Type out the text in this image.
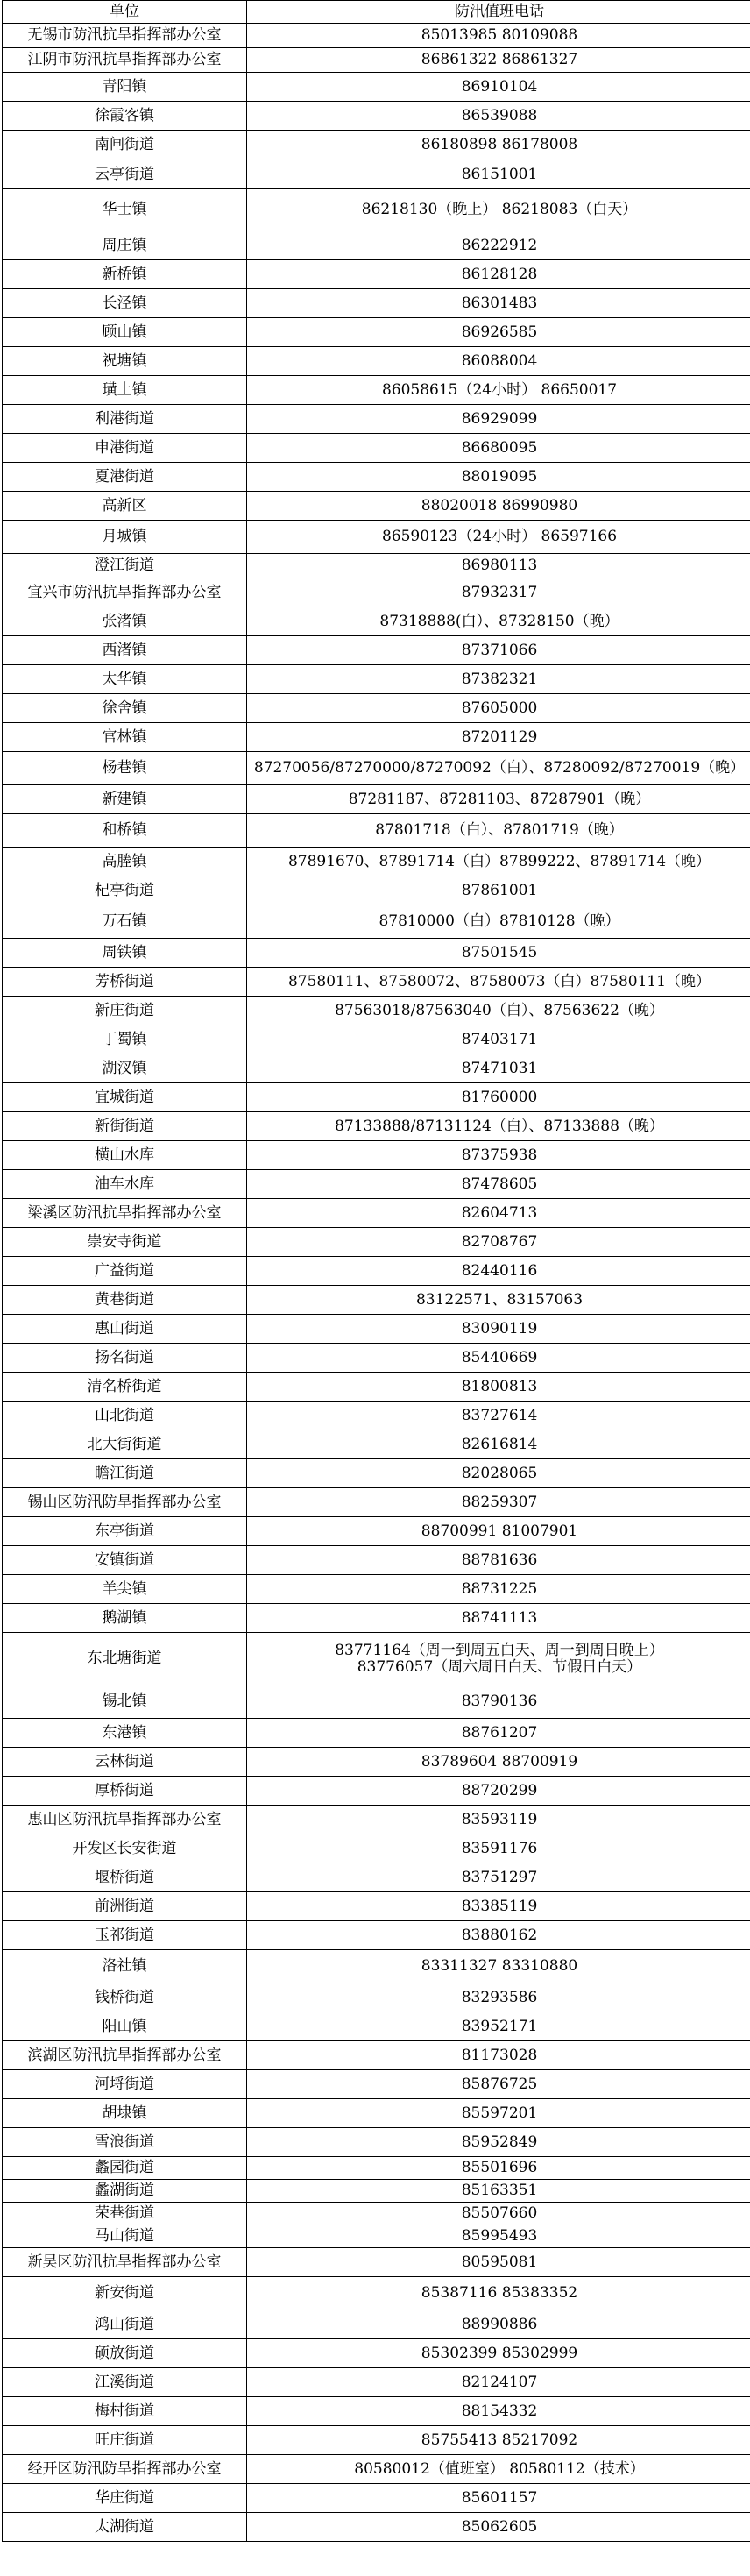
单位	防汛值班电话
无锡市防汛抗旱指挥部办公室	85013985 80109088
江阴市防汛抗旱指挥部办公室	86861322 86861327
青阳镇	86910104
徐霞客镇	86539088
南闸街道	86180898 86178008
云亭街道	86151001
华士镇	86218130（晚上） 86218083（白天）
周庄镇	86222912
新桥镇	86128128
长泾镇	86301483
顾山镇	86926585
祝塘镇	86088004
璜土镇	86058615（24小时） 86650017
利港街道	86929099
申港街道	86680095
夏港街道	88019095
高新区	88020018 86990980
月城镇	86590123（24小时） 86597166
澄江街道	86980113
宜兴市防汛抗旱指挥部办公室	87932317
张渚镇	87318888(白）、87328150（晚）
西渚镇	87371066
太华镇	87382321
徐舍镇	87605000
官林镇	87201129
杨巷镇	87270056/87270000/87270092（白）、87280092/87270019（晚）
新建镇	87281187、87281103、87287901（晚）
和桥镇	87801718（白）、87801719（晚）
高塍镇	87891670、87891714（白）87899222、87891714（晚）
杞亭街道	87861001
万石镇	87810000（白）87810128（晚）
周铁镇	87501545
芳桥街道	87580111、87580072、87580073（白）87580111（晚）
新庄街道	87563018/87563040（白）、87563622（晚）
丁蜀镇	87403171
湖汊镇	87471031
宜城街道	81760000
新街街道	87133888/87131124（白）、87133888（晚）
横山水库	87375938
油车水库	87478605
梁溪区防汛抗旱指挥部办公室	82604713
崇安寺街道	82708767
广益街道	82440116
黄巷街道	83122571、83157063
惠山街道	83090119
扬名街道	85440669
清名桥街道	81800813
山北街道	83727614
北大街街道	82616814
瞻江街道	82028065
锡山区防汛防旱指挥部办公室	88259307
东亭街道	88700991 81007901
安镇街道	88781636
羊尖镇	88731225
鹅湖镇	88741113
东北塘街道	83771164（周一到周五白天、周一到周日晚上）
83776057（周六周日白天、节假日白天）
锡北镇	83790136
东港镇	88761207
云林街道	83789604 88700919
厚桥街道	88720299
惠山区防汛抗旱指挥部办公室	83593119
开发区长安街道	83591176
堰桥街道	83751297
前洲街道	83385119
玉祁街道	83880162
洛社镇	83311327 83310880
钱桥街道	83293586
阳山镇	83952171
滨湖区防汛抗旱指挥部办公室	81173028
河埒街道	85876725
胡埭镇	85597201
雪浪街道	85952849
蠡园街道	85501696
蠡湖街道	85163351
荣巷街道	85507660
马山街道	85995493
新吴区防汛抗旱指挥部办公室	80595081
新安街道	85387116 85383352
鸿山街道	88990886
硕放街道	85302399 85302999
江溪街道	82124107
梅村街道	88154332
旺庄街道	85755413 85217092
经开区防汛防旱指挥部办公室	80580012（值班室） 80580112（技术）
华庄街道	85601157
太湖街道	85062605
